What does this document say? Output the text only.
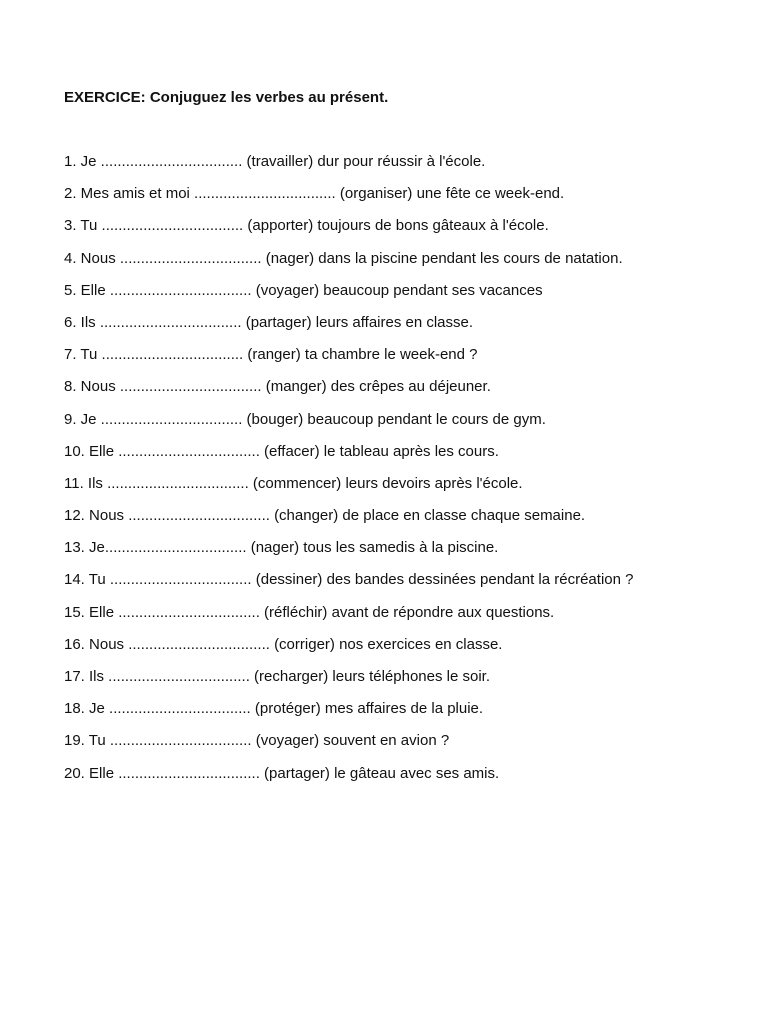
EXERCICE: Conjuguez les verbes au présent.

1. Je .................................. (travailler) dur pour réussir à l'école.
2. Mes amis et moi .................................. (organiser) une fête ce week-end.
3. Tu .................................. (apporter) toujours de bons gâteaux à l'école.
4. Nous .................................. (nager) dans la piscine pendant les cours de natation.
5. Elle .................................. (voyager) beaucoup pendant ses vacances
6. Ils .................................. (partager) leurs affaires en classe.
7. Tu .................................. (ranger) ta chambre le week-end ?
8. Nous .................................. (manger) des crêpes au déjeuner.
9. Je .................................. (bouger) beaucoup pendant le cours de gym.
10. Elle .................................. (effacer) le tableau après les cours.
11. Ils .................................. (commencer) leurs devoirs après l'école.
12. Nous .................................. (changer) de place en classe chaque semaine.
13. Je.................................. (nager) tous les samedis à la piscine.
14. Tu .................................. (dessiner) des bandes dessinées pendant la récréation ?
15. Elle .................................. (réfléchir) avant de répondre aux questions.
16. Nous .................................. (corriger) nos exercices en classe.
17. Ils .................................. (recharger) leurs téléphones le soir.
18. Je .................................. (protéger) mes affaires de la pluie.
19. Tu .................................. (voyager) souvent en avion ?
20. Elle .................................. (partager) le gâteau avec ses amis.
